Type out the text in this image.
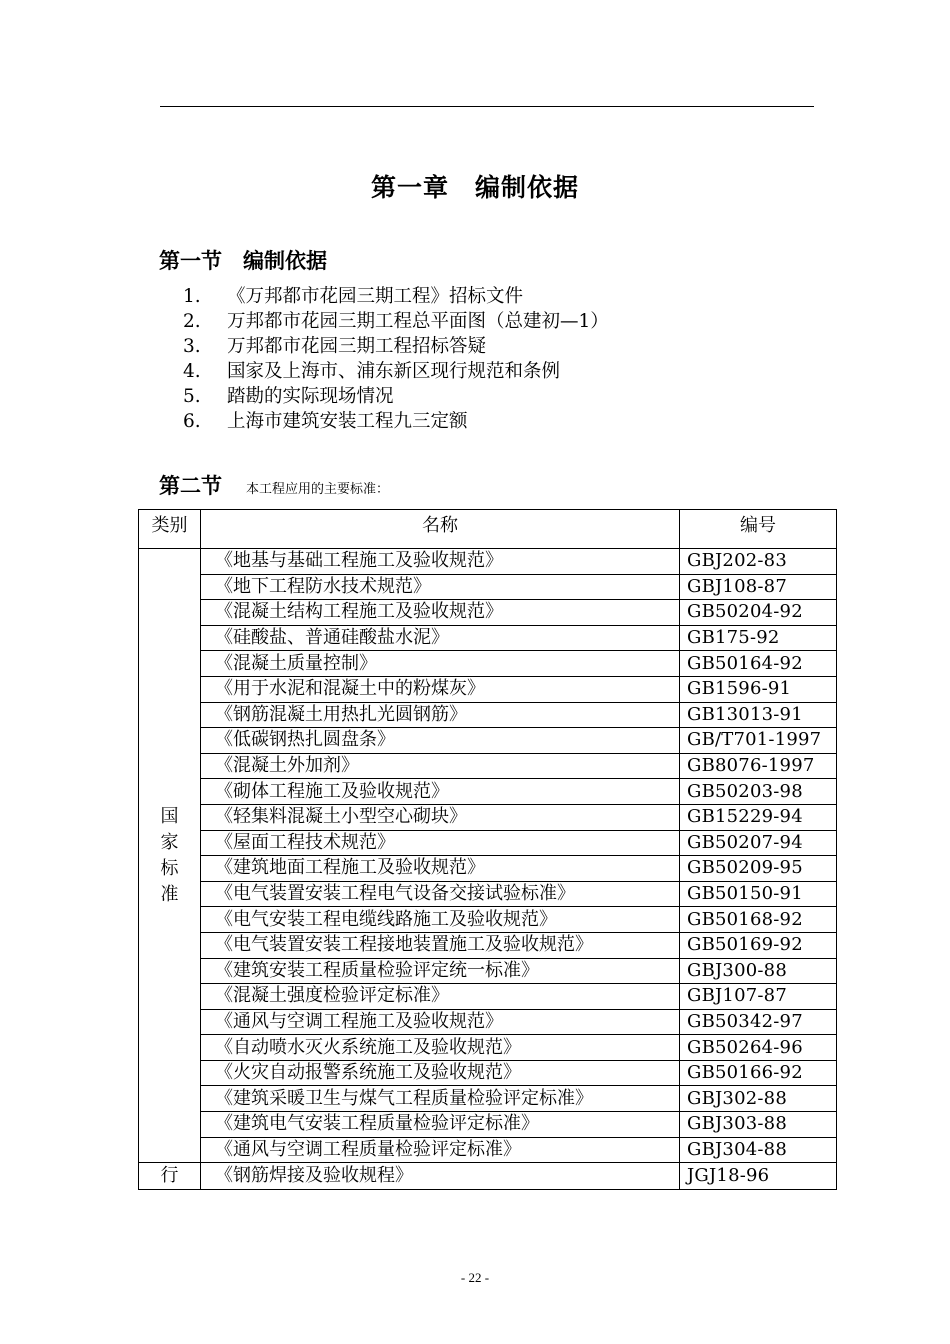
第一章　编制依据
第一节　编制依据
1. 《万邦都市花园三期工程》招标文件
2. 万邦都市花园三期工程总平面图（总建初—1）
3. 万邦都市花园三期工程招标答疑
4. 国家及上海市、浦东新区现行规范和条例
5. 踏勘的实际现场情况
6. 上海市建筑安装工程九三定额
第二节 本工程应用的主要标准：
类别	名称	编号

国
家
标
准	《地基与基础工程施工及验收规范》	GBJ202-83
	《地下工程防水技术规范》	GBJ108-87
	《混凝土结构工程施工及验收规范》	GB50204-92
	《硅酸盐、普通硅酸盐水泥》	GB175-92
	《混凝土质量控制》	GB50164-92
	《用于水泥和混凝土中的粉煤灰》	GB1596-91
	《钢筋混凝土用热扎光圆钢筋》	GB13013-91
	《低碳钢热扎圆盘条》	GB/T701-1997
	《混凝土外加剂》	GB8076-1997
	《砌体工程施工及验收规范》	GB50203-98
	《轻集料混凝土小型空心砌块》	GB15229-94
	《屋面工程技术规范》	GB50207-94
	《建筑地面工程施工及验收规范》	GB50209-95
	《电气装置安装工程电气设备交接试验标准》	GB50150-91
	《电气安装工程电缆线路施工及验收规范》	GB50168-92
	《电气装置安装工程接地装置施工及验收规范》	GB50169-92
	《建筑安装工程质量检验评定统一标准》	GBJ300-88
	《混凝土强度检验评定标准》	GBJ107-87
	《通风与空调工程施工及验收规范》	GB50342-97
	《自动喷水灭火系统施工及验收规范》	GB50264-96
	《火灾自动报警系统施工及验收规范》	GB50166-92
	《建筑采暖卫生与煤气工程质量检验评定标准》	GBJ302-88
	《建筑电气安装工程质量检验评定标准》	GBJ303-88
	《通风与空调工程质量检验评定标准》	GBJ304-88

行	《钢筋焊接及验收规程》	JGJ18-96
- 22 -
